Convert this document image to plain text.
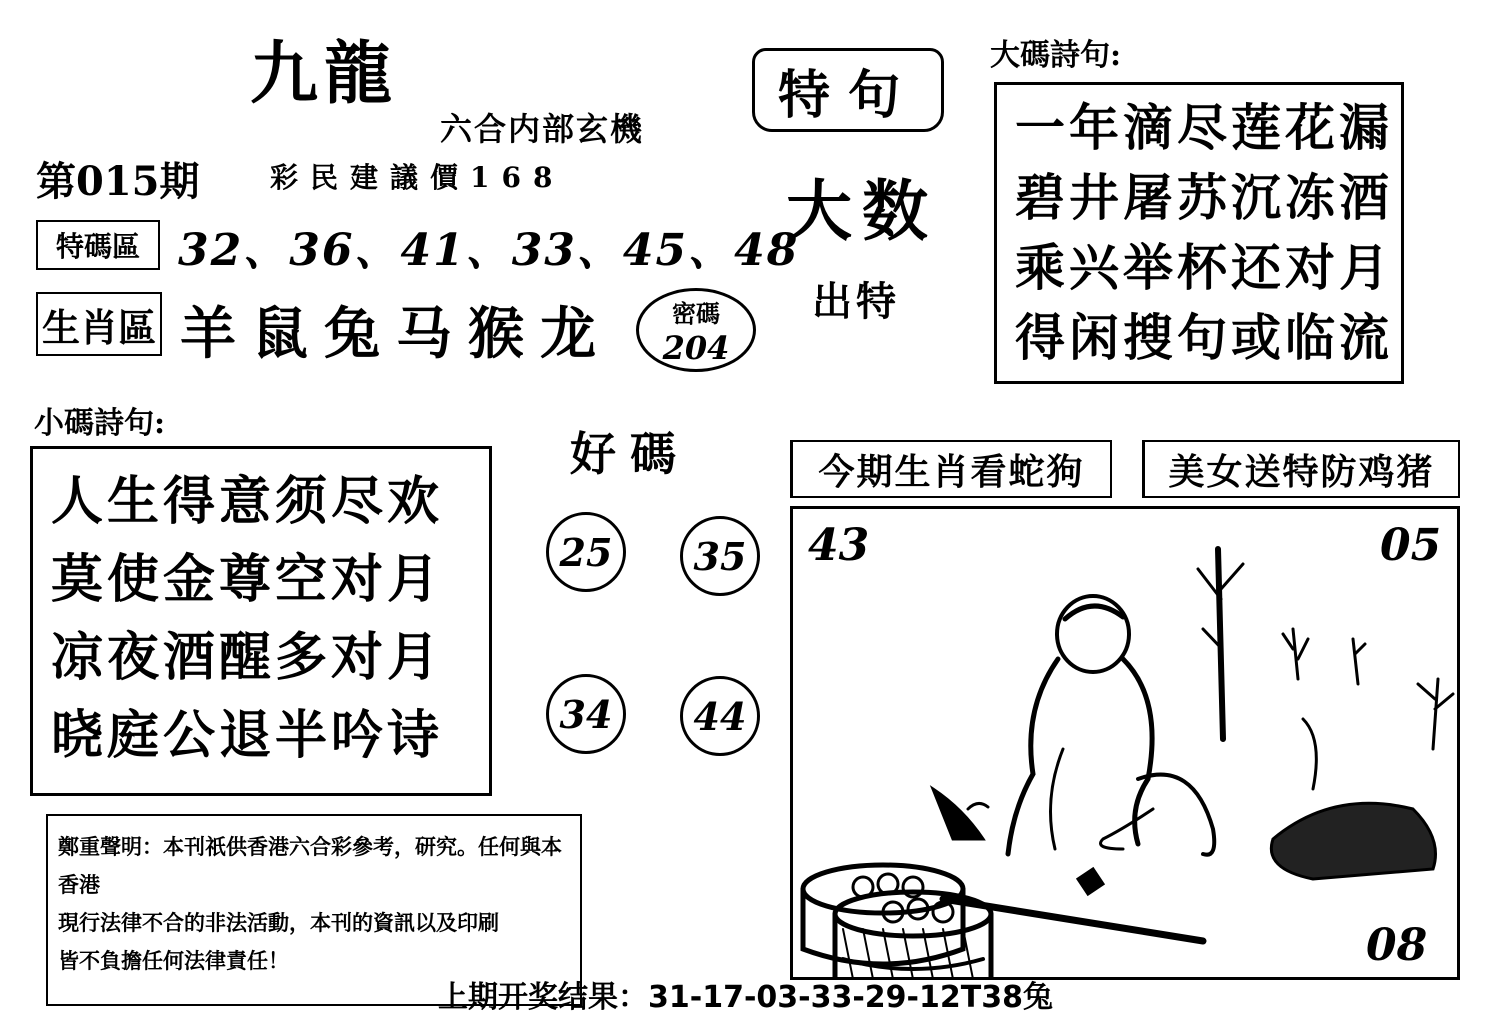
九龍
六合内部玄機
第015期	彩民建議價168
特碼區 32、36、41、33、45、48
生肖區 羊鼠兔马猴龙	密碼
204
特句
大数
出特
大碼詩句:
一年滴尽莲花漏
碧井屠苏沉冻酒
乘兴举杯还对月
得闲搜句或临流
小碼詩句:
人生得意须尽欢
莫使金尊空对月
凉夜酒醒多对月
晓庭公退半吟诗
好碼
25	35
34	44
今期生肖看蛇狗	美女送特防鸡猪
43	05
08
鄭重聲明：本刊祇供香港六合彩參考，研究。任何與本香港
現行法律不合的非法活動，本刊的資訊以及印刷
皆不負擔任何法律責任！
上期开奖结果：31-17-03-33-29-12T38兔
